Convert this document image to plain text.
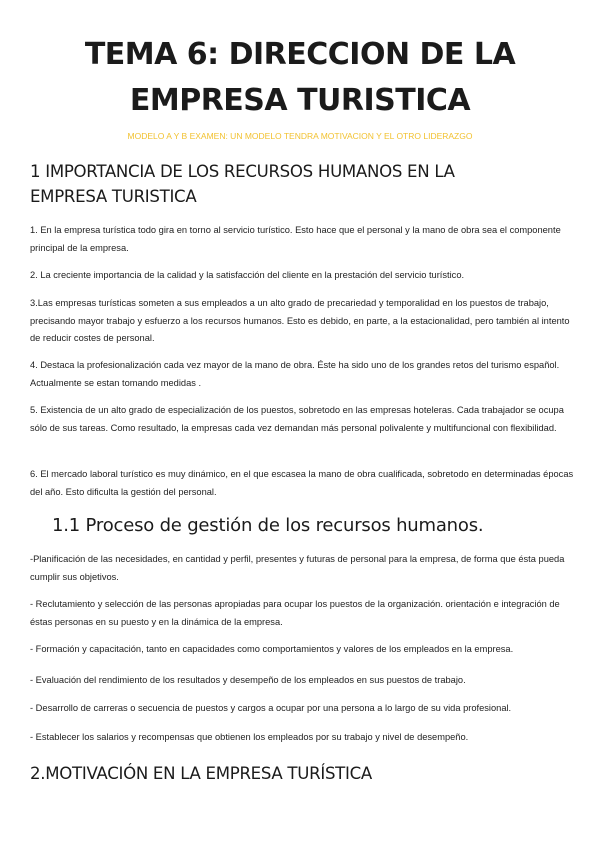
TEMA 6: DIRECCION DE LA
EMPRESA TURISTICA

MODELO A Y B EXAMEN: UN MODELO TENDRA MOTIVACION Y EL OTRO LIDERAZGO

1 IMPORTANCIA DE LOS RECURSOS HUMANOS EN LA
EMPRESA TURISTICA

1. En la empresa turística todo gira en torno al servicio turístico. Esto hace que el personal y la mano de obra sea el componente principal de la empresa.

2. La creciente importancia de la calidad y la satisfacción del cliente en la prestación del servicio turístico.

3.Las empresas turísticas someten a sus empleados a un alto grado de precariedad y temporalidad en los puestos de trabajo, precisando mayor trabajo y esfuerzo a los recursos humanos. Esto es debido, en parte, a la estacionalidad, pero también al intento de reducir costes de personal.

4. Destaca la profesionalización cada vez mayor de la mano de obra. Éste ha sido uno de los grandes retos del turismo español. Actualmente se estan tomando medidas .

5. Existencia de un alto grado de especialización de los puestos, sobretodo en las empresas hoteleras. Cada trabajador se ocupa sólo de sus tareas. Como resultado, la empresas cada vez demandan más personal polivalente y multifuncional con flexibilidad.

6. El mercado laboral turístico es muy dinámico, en el que escasea la mano de obra cualificada, sobretodo en determinadas épocas del año. Esto dificulta la gestión del personal.

1.1 Proceso de gestión de los recursos humanos.

-Planificación de las necesidades, en cantidad y perfil, presentes y futuras de personal para la empresa, de forma que ésta pueda cumplir sus objetivos.

- Reclutamiento y selección de las personas apropiadas para ocupar los puestos de la organización. orientación e integración de éstas personas en su puesto y en la dinámica de la empresa.

- Formación y capacitación, tanto en capacidades como comportamientos y valores de los empleados en la empresa.

- Evaluación del rendimiento de los resultados y desempeño de los empleados en sus puestos de trabajo.

- Desarrollo de carreras o secuencia de puestos y cargos a ocupar por una persona a lo largo de su vida profesional.

- Establecer los salarios y recompensas que obtienen los empleados por su trabajo y nivel de desempeño.

2.MOTIVACIÓN EN LA EMPRESA TURÍSTICA
